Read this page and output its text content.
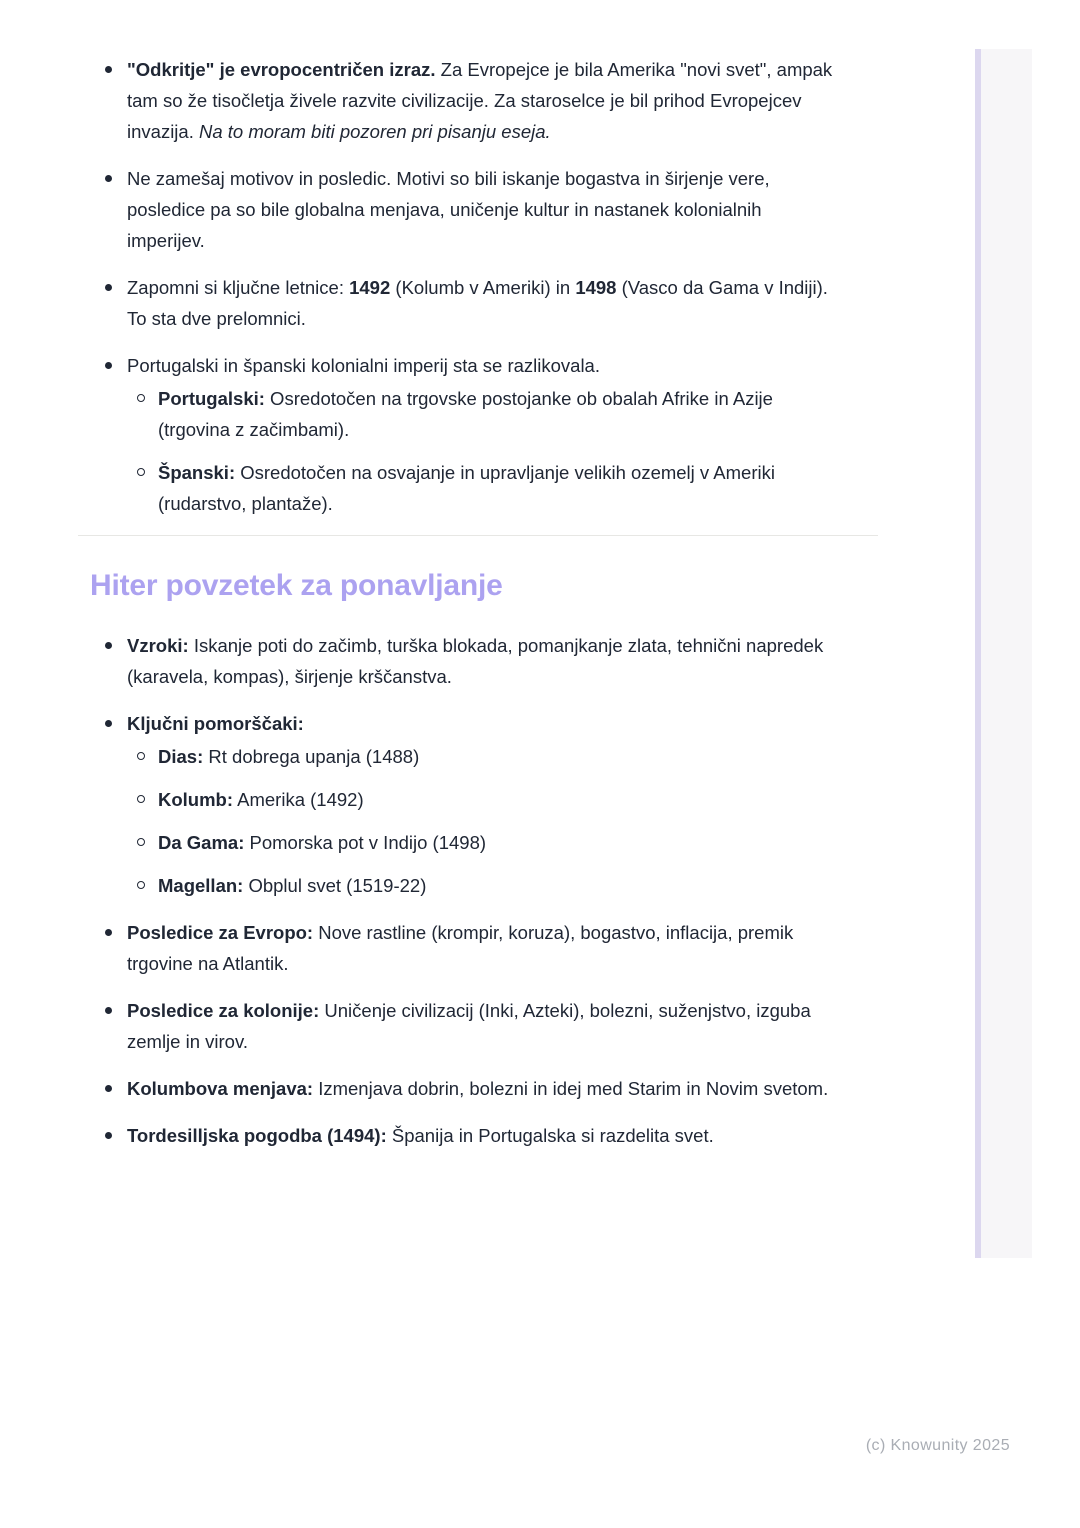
"Odkritje" je evropocentričen izraz. Za Evropejce je bila Amerika "novi svet", ampak tam so že tisočletja živele razvite civilizacije. Za staroselce je bil prihod Evropejcev invazija. Na to moram biti pozoren pri pisanju eseja.
Ne zamešaj motivov in posledic. Motivi so bili iskanje bogastva in širjenje vere, posledice pa so bile globalna menjava, uničenje kultur in nastanek kolonialnih imperijev.
Zapomni si ključne letnice: 1492 (Kolumb v Ameriki) in 1498 (Vasco da Gama v Indiji). To sta dve prelomnici.
Portugalski in španski kolonialni imperij sta se razlikovala.
Portugalski: Osredotočen na trgovske postojanke ob obalah Afrike in Azije (trgovina z začimbami).
Španski: Osredotočen na osvajanje in upravljanje velikih ozemelj v Ameriki (rudarstvo, plantaže).
Hiter povzetek za ponavljanje
Vzroki: Iskanje poti do začimb, turška blokada, pomanjkanje zlata, tehnični napredek (karavela, kompas), širjenje krščanstva.
Ključni pomorščaki:
Dias: Rt dobrega upanja (1488)
Kolumb: Amerika (1492)
Da Gama: Pomorska pot v Indijo (1498)
Magellan: Obplul svet (1519-22)
Posledice za Evropo: Nove rastline (krompir, koruza), bogastvo, inflacija, premik trgovine na Atlantik.
Posledice za kolonije: Uničenje civilizacij (Inki, Azteki), bolezni, suženjstvo, izguba zemlje in virov.
Kolumbova menjava: Izmenjava dobrin, bolezni in idej med Starim in Novim svetom.
Tordesilljska pogodba (1494): Španija in Portugalska si razdelita svet.
(c) Knowunity 2025
